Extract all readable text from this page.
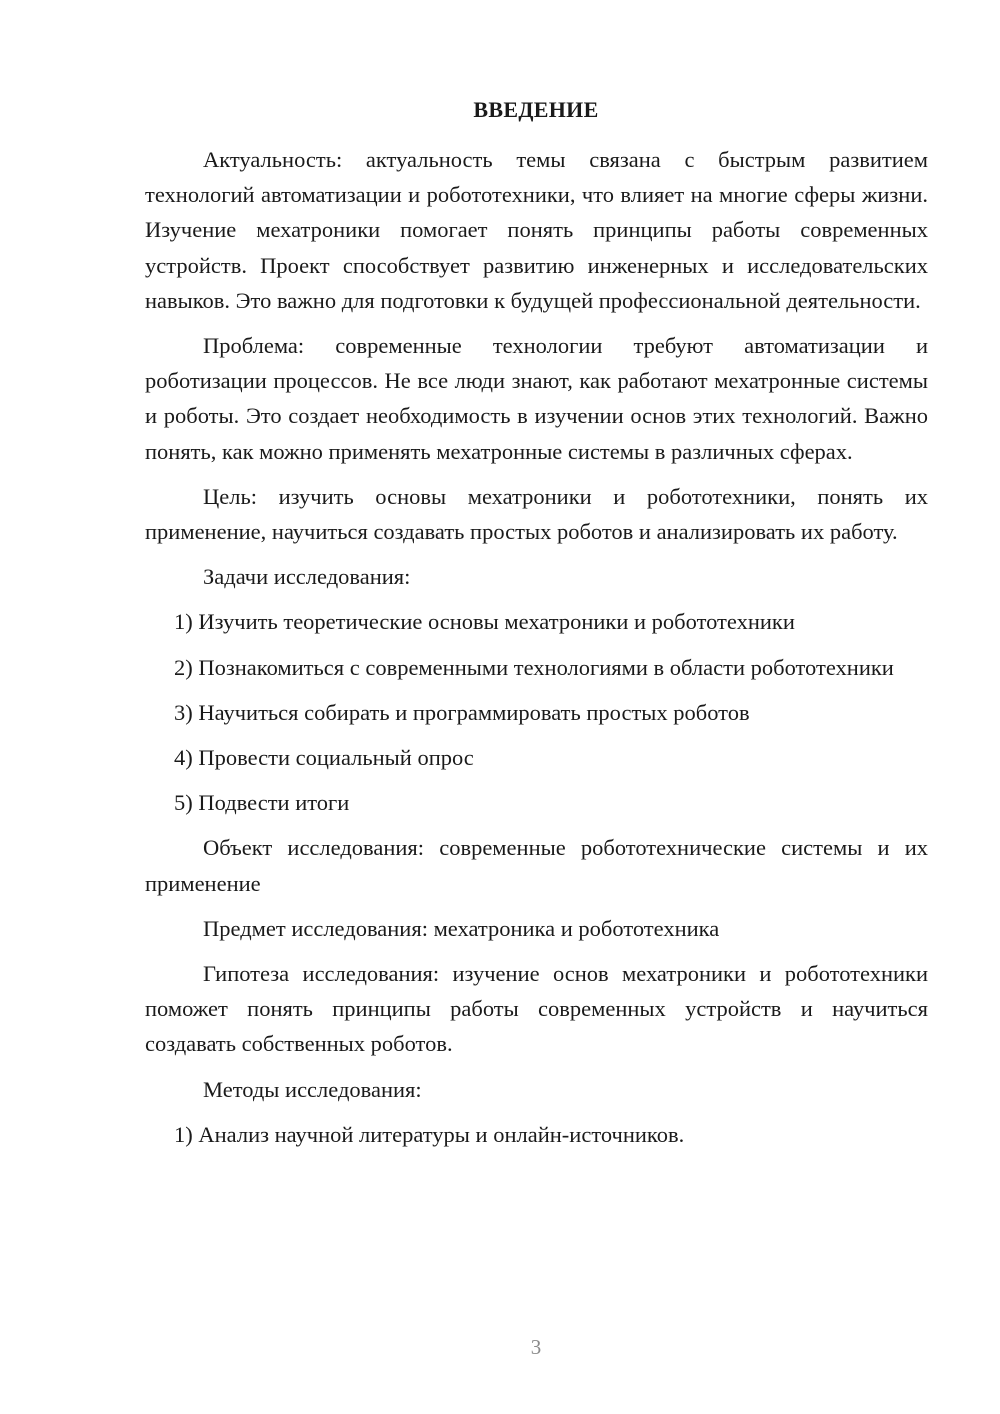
ВВЕДЕНИЕ

Актуальность: актуальность темы связана с быстрым развитием технологий автоматизации и робототехники, что влияет на многие сферы жизни. Изучение мехатроники помогает понять принципы работы современных устройств. Проект способствует развитию инженерных и исследовательских навыков. Это важно для подготовки к будущей профессиональной деятельности.

Проблема: современные технологии требуют автоматизации и роботизации процессов. Не все люди знают, как работают мехатронные системы и роботы. Это создает необходимость в изучении основ этих технологий. Важно понять, как можно применять мехатронные системы в различных сферах.

Цель: изучить основы мехатроники и робототехники, понять их применение, научиться создавать простых роботов и анализировать их работу.

Задачи исследования:

1) Изучить теоретические основы мехатроники и робототехники

2) Познакомиться с современными технологиями в области робототехники

3) Научиться собирать и программировать простых роботов

4) Провести социальный опрос

5) Подвести итоги

Объект исследования: современные робототехнические системы и их применение

Предмет исследования: мехатроника и робототехника

Гипотеза исследования: изучение основ мехатроники и робототехники поможет понять принципы работы современных устройств и научиться создавать собственных роботов.

Методы исследования:

1) Анализ научной литературы и онлайн-источников.

3
